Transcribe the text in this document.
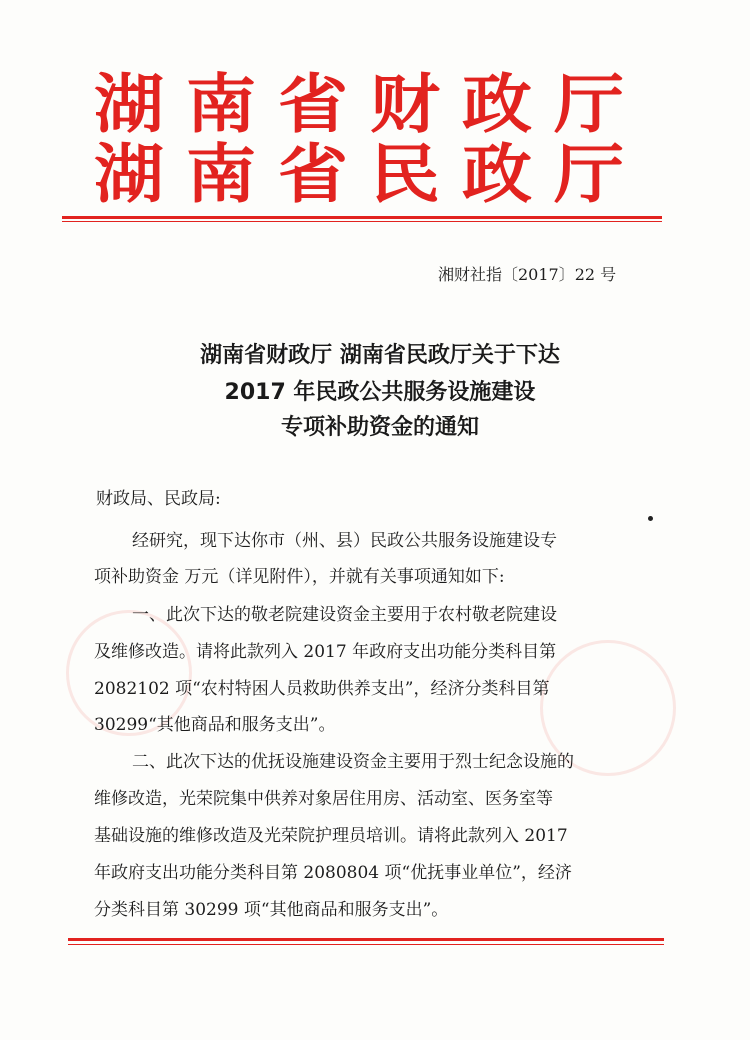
湖南省财政厅
湖南省民政厅
湘财社指〔2017〕22 号
湖南省财政厅 湖南省民政厅关于下达
2017 年民政公共服务设施建设
专项补助资金的通知
财政局、民政局:
经研究，现下达你市（州、县）民政公共服务设施建设专
项补助资金 万元（详见附件），并就有关事项通知如下:
一、此次下达的敬老院建设资金主要用于农村敬老院建设
及维修改造。请将此款列入 2017 年政府支出功能分类科目第
2082102 项“农村特困人员救助供养支出”，经济分类科目第
30299“其他商品和服务支出”。
二、此次下达的优抚设施建设资金主要用于烈士纪念设施的
维修改造，光荣院集中供养对象居住用房、活动室、医务室等
基础设施的维修改造及光荣院护理员培训。请将此款列入 2017
年政府支出功能分类科目第 2080804 项“优抚事业单位”，经济
分类科目第 30299 项“其他商品和服务支出”。
